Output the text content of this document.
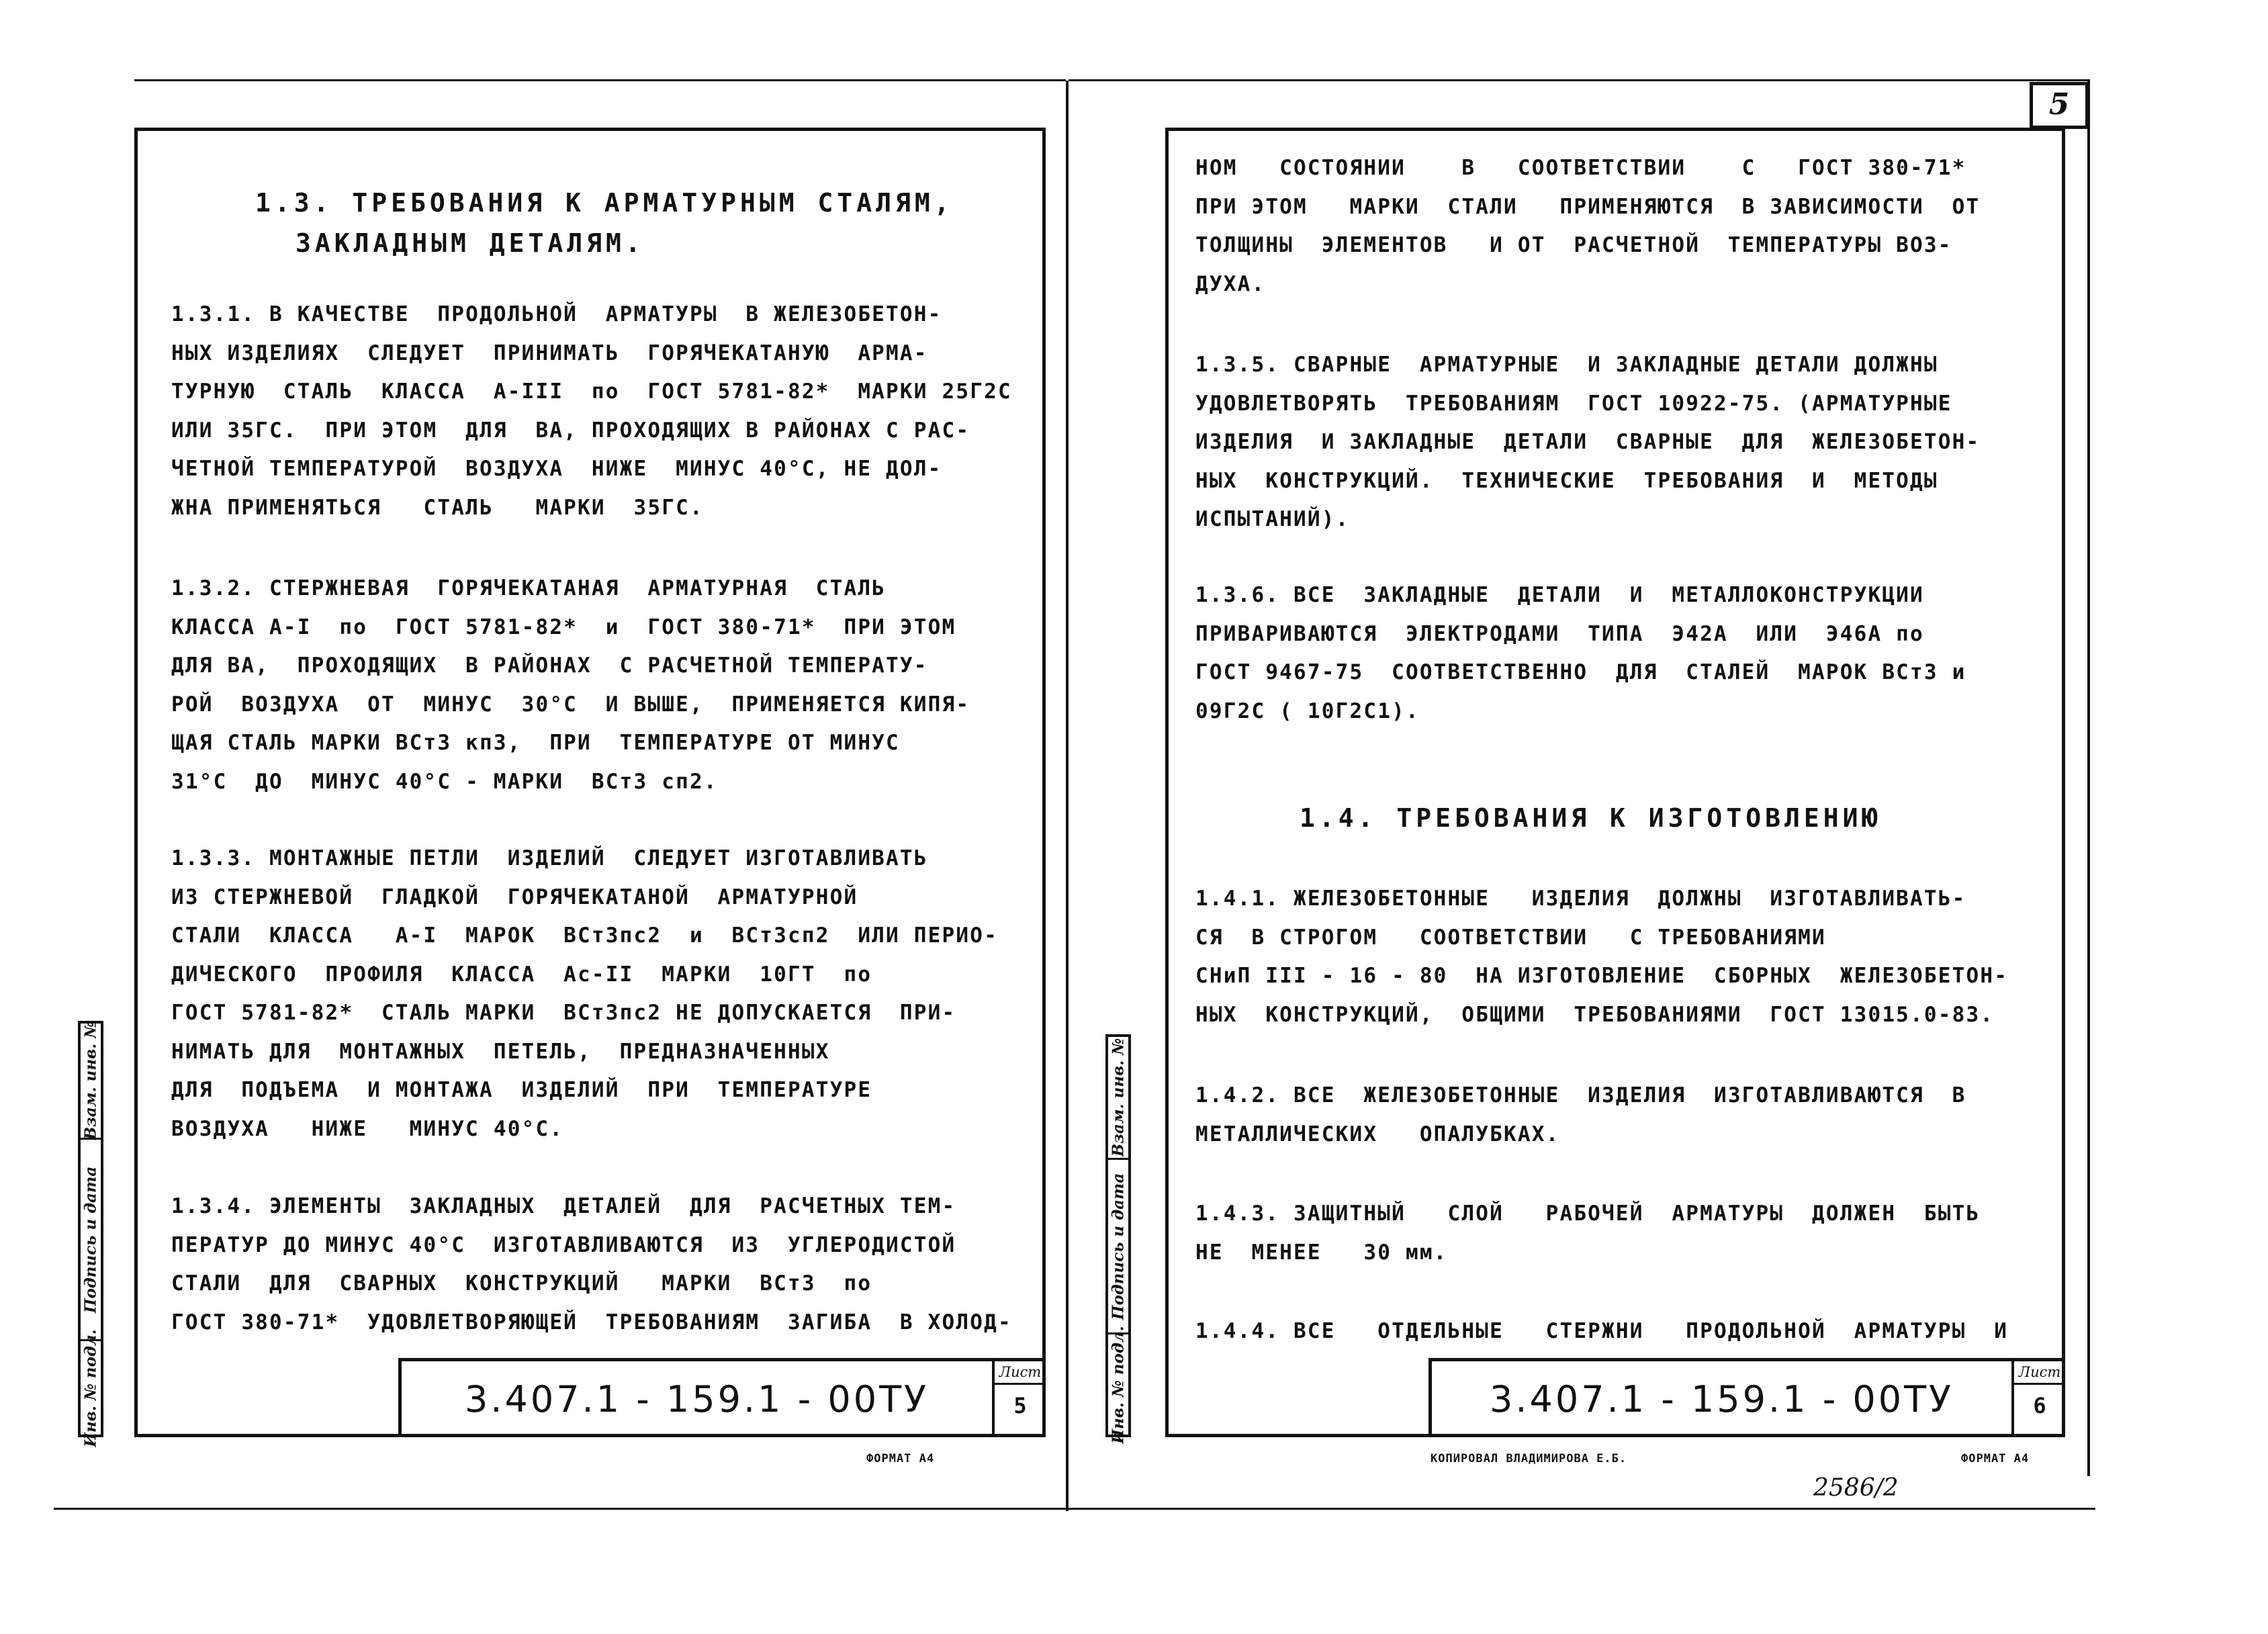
Взам. инв. №
Подпись и дата
Инв. № подл.
1.3. ТРЕБОВАНИЯ К АРМАТУРНЫМ СТАЛЯМ,
ЗАКЛАДНЫМ ДЕТАЛЯМ.
1.3.1. В КАЧЕСТВЕ  ПРОДОЛЬНОЙ  АРМАТУРЫ  В ЖЕЛЕЗОБЕТОН-
НЫХ ИЗДЕЛИЯХ  СЛЕДУЕТ  ПРИНИМАТЬ  ГОРЯЧЕКАТАНУЮ  АРМА-
ТУРНУЮ  СТАЛЬ  КЛАССА  А-III  по  ГОСТ 5781-82*  МАРКИ 25Г2С
ИЛИ 35ГС.  ПРИ ЭТОМ  ДЛЯ  ВА, ПРОХОДЯЩИХ В РАЙОНАХ С РАС-
ЧЕТНОЙ ТЕМПЕРАТУРОЙ  ВОЗДУХА  НИЖЕ  МИНУС 40°С, НЕ ДОЛ-
ЖНА ПРИМЕНЯТЬСЯ   СТАЛЬ   МАРКИ  35ГС.
1.3.2. СТЕРЖНЕВАЯ  ГОРЯЧЕКАТАНАЯ  АРМАТУРНАЯ  СТАЛЬ
КЛАССА А-I  по  ГОСТ 5781-82*  и  ГОСТ 380-71*  ПРИ ЭТОМ
ДЛЯ ВА,  ПРОХОДЯЩИХ  В РАЙОНАХ  С РАСЧЕТНОЙ ТЕМПЕРАТУ-
РОЙ  ВОЗДУХА  ОТ  МИНУС  30°С  И ВЫШЕ,  ПРИМЕНЯЕТСЯ КИПЯ-
ЩАЯ СТАЛЬ МАРКИ ВСт3 кп3,  ПРИ  ТЕМПЕРАТУРЕ ОТ МИНУС
31°С  ДО  МИНУС 40°С - МАРКИ  ВСт3 сп2.
1.3.3. МОНТАЖНЫЕ ПЕТЛИ  ИЗДЕЛИЙ  СЛЕДУЕТ ИЗГОТАВЛИВАТЬ
ИЗ СТЕРЖНЕВОЙ  ГЛАДКОЙ  ГОРЯЧЕКАТАНОЙ  АРМАТУРНОЙ
СТАЛИ  КЛАССА   А-I  МАРОК  ВСт3пс2  и  ВСт3сп2  ИЛИ ПЕРИО-
ДИЧЕСКОГО  ПРОФИЛЯ  КЛАССА  Ас-II  МАРКИ  10ГТ  по
ГОСТ 5781-82*  СТАЛЬ МАРКИ  ВСт3пс2 НЕ ДОПУСКАЕТСЯ  ПРИ-
НИМАТЬ ДЛЯ  МОНТАЖНЫХ  ПЕТЕЛЬ,  ПРЕДНАЗНАЧЕННЫХ
ДЛЯ  ПОДЪЕМА  И МОНТАЖА  ИЗДЕЛИЙ  ПРИ  ТЕМПЕРАТУРЕ
ВОЗДУХА   НИЖЕ   МИНУС 40°С.
1.3.4. ЭЛЕМЕНТЫ  ЗАКЛАДНЫХ  ДЕТАЛЕЙ  ДЛЯ  РАСЧЕТНЫХ ТЕМ-
ПЕРАТУР ДО МИНУС 40°С  ИЗГОТАВЛИВАЮТСЯ  ИЗ  УГЛЕРОДИСТОЙ
СТАЛИ  ДЛЯ  СВАРНЫХ  КОНСТРУКЦИЙ   МАРКИ  ВСт3  по
ГОСТ 380-71*  УДОВЛЕТВОРЯЮЩЕЙ  ТРЕБОВАНИЯМ  ЗАГИБА  В ХОЛОД-
3.407.1 - 159.1 - 00ТУ
Лист
5
ФОРМАТ А4
5
Взам. инв. №
Подпись и дата
Инв. № подл.
НОМ   СОСТОЯНИИ    В   СООТВЕТСТВИИ    С   ГОСТ 380-71*
ПРИ ЭТОМ   МАРКИ  СТАЛИ   ПРИМЕНЯЮТСЯ  В ЗАВИСИМОСТИ  ОТ
ТОЛЩИНЫ  ЭЛЕМЕНТОВ   И ОТ  РАСЧЕТНОЙ  ТЕМПЕРАТУРЫ ВОЗ-
ДУХА.
1.3.5. СВАРНЫЕ  АРМАТУРНЫЕ  И ЗАКЛАДНЫЕ ДЕТАЛИ ДОЛЖНЫ
УДОВЛЕТВОРЯТЬ  ТРЕБОВАНИЯМ  ГОСТ 10922-75. (АРМАТУРНЫЕ
ИЗДЕЛИЯ  И ЗАКЛАДНЫЕ  ДЕТАЛИ  СВАРНЫЕ  ДЛЯ  ЖЕЛЕЗОБЕТОН-
НЫХ  КОНСТРУКЦИЙ.  ТЕХНИЧЕСКИЕ  ТРЕБОВАНИЯ  И  МЕТОДЫ
ИСПЫТАНИЙ).
1.3.6. ВСЕ  ЗАКЛАДНЫЕ  ДЕТАЛИ  И  МЕТАЛЛОКОНСТРУКЦИИ
ПРИВАРИВАЮТСЯ  ЭЛЕКТРОДАМИ  ТИПА  Э42А  ИЛИ  Э46А по
ГОСТ 9467-75  СООТВЕТСТВЕННО  ДЛЯ  СТАЛЕЙ  МАРОК ВСт3 и
09Г2С ( 10Г2С1).
1.4. ТРЕБОВАНИЯ К ИЗГОТОВЛЕНИЮ
1.4.1. ЖЕЛЕЗОБЕТОННЫЕ   ИЗДЕЛИЯ  ДОЛЖНЫ  ИЗГОТАВЛИВАТЬ-
СЯ  В СТРОГОМ   СООТВЕТСТВИИ   С ТРЕБОВАНИЯМИ
СНиП III - 16 - 80  НА ИЗГОТОВЛЕНИЕ  СБОРНЫХ  ЖЕЛЕЗОБЕТОН-
НЫХ  КОНСТРУКЦИЙ,  ОБЩИМИ  ТРЕБОВАНИЯМИ  ГОСТ 13015.0-83.
1.4.2. ВСЕ  ЖЕЛЕЗОБЕТОННЫЕ  ИЗДЕЛИЯ  ИЗГОТАВЛИВАЮТСЯ  В
МЕТАЛЛИЧЕСКИХ   ОПАЛУБКАХ.
1.4.3. ЗАЩИТНЫЙ   СЛОЙ   РАБОЧЕЙ  АРМАТУРЫ  ДОЛЖЕН  БЫТЬ
НЕ  МЕНЕЕ   30 мм.
1.4.4. ВСЕ   ОТДЕЛЬНЫЕ   СТЕРЖНИ   ПРОДОЛЬНОЙ  АРМАТУРЫ  И
3.407.1 - 159.1 - 00ТУ
Лист
6
КОПИРОВАЛ ВЛАДИМИРОВА Е.Б.	ФОРМАТ А4
2586/2
